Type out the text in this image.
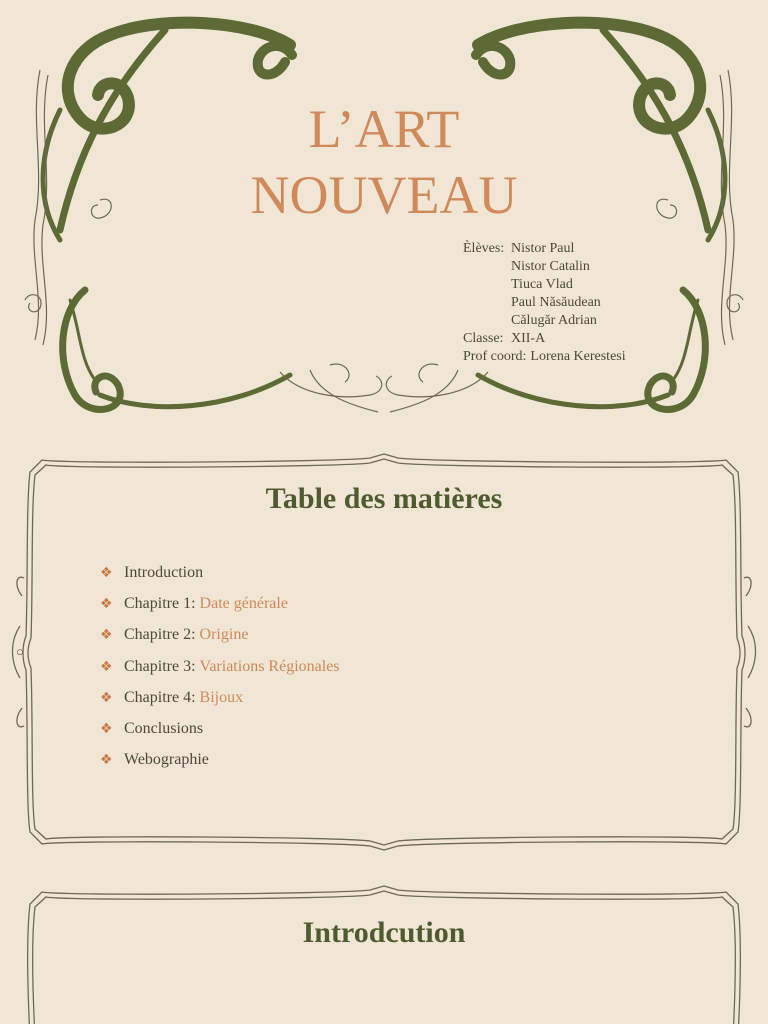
L’ART
NOUVEAU
Èlèves: Nistor Paul
Nistor Catalin
Tiuca Vlad
Paul Năsăudean
Călugăr Adrian
Classe: XII-A
Prof coord: Lorena Kerestesi
○
Table des matières
❖ Introduction
❖ Chapitre 1: Date générale
❖ Chapitre 2: Origine
❖ Chapitre 3: Variations Régionales
❖ Chapitre 4: Bijoux
❖ Conclusions
❖ Webographie
Introdcution
